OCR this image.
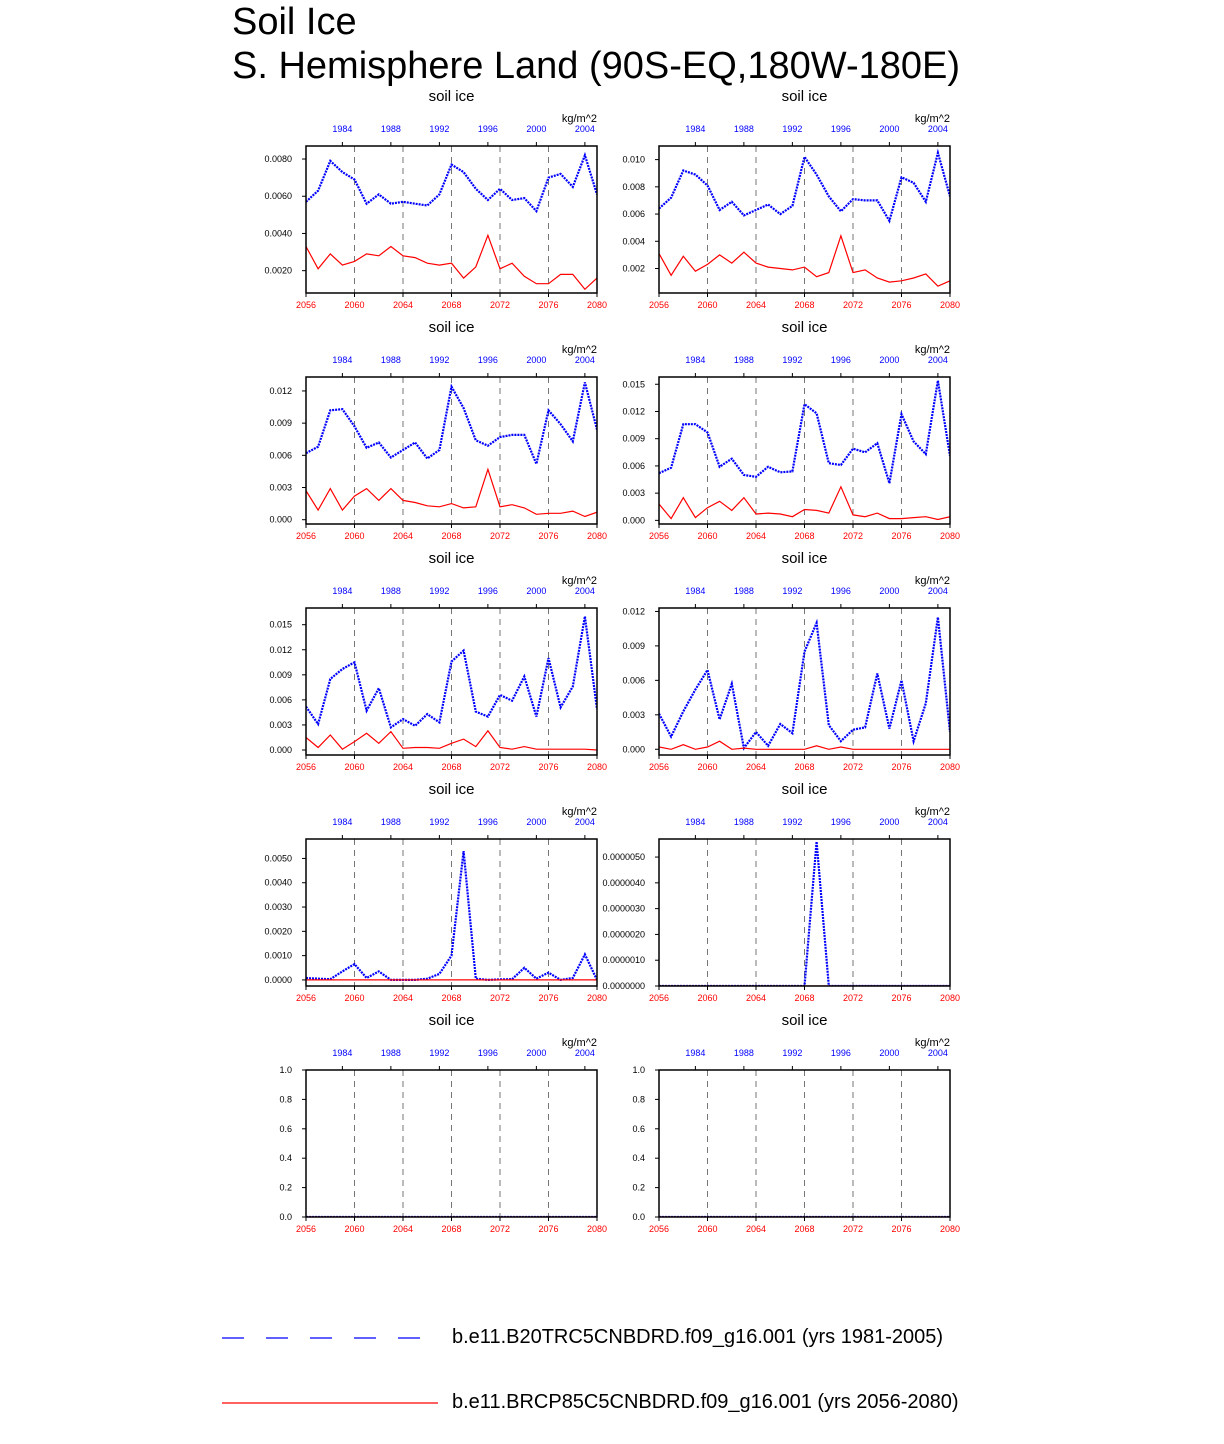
Soil Ice
S. Hemisphere Land (90S-EQ,180W-180E)
soil ice
kg/m^2
2056	2060	2064	2068	2072	2076	2080
1984	1988	1992	1996	2000	2004
0.0020
0.0040
0.0060
0.0080
soil ice
kg/m^2
2056	2060	2064	2068	2072	2076	2080
1984	1988	1992	1996	2000	2004
0.002
0.004
0.006
0.008
0.010
soil ice
kg/m^2
2056	2060	2064	2068	2072	2076	2080
1984	1988	1992	1996	2000	2004
0.000
0.003
0.006
0.009
0.012
soil ice
kg/m^2
2056	2060	2064	2068	2072	2076	2080
1984	1988	1992	1996	2000	2004
0.000
0.003
0.006
0.009
0.012
0.015
soil ice
kg/m^2
2056	2060	2064	2068	2072	2076	2080
1984	1988	1992	1996	2000	2004
0.000
0.003
0.006
0.009
0.012
0.015
soil ice
kg/m^2
2056	2060	2064	2068	2072	2076	2080
1984	1988	1992	1996	2000	2004
0.000
0.003
0.006
0.009
0.012
soil ice
kg/m^2
2056	2060	2064	2068	2072	2076	2080
1984	1988	1992	1996	2000	2004
0.0000
0.0010
0.0020
0.0030
0.0040
0.0050
soil ice
kg/m^2
2056	2060	2064	2068	2072	2076	2080
1984	1988	1992	1996	2000	2004
0.0000000
0.0000010
0.0000020
0.0000030
0.0000040
0.0000050
soil ice
kg/m^2
2056	2060	2064	2068	2072	2076	2080
1984	1988	1992	1996	2000	2004
0.0
0.2
0.4
0.6
0.8
1.0
soil ice
kg/m^2
2056	2060	2064	2068	2072	2076	2080
1984	1988	1992	1996	2000	2004
0.0
0.2
0.4
0.6
0.8
1.0
b.e11.B20TRC5CNBDRD.f09_g16.001 (yrs 1981-2005)
b.e11.BRCP85C5CNBDRD.f09_g16.001 (yrs 2056-2080)
